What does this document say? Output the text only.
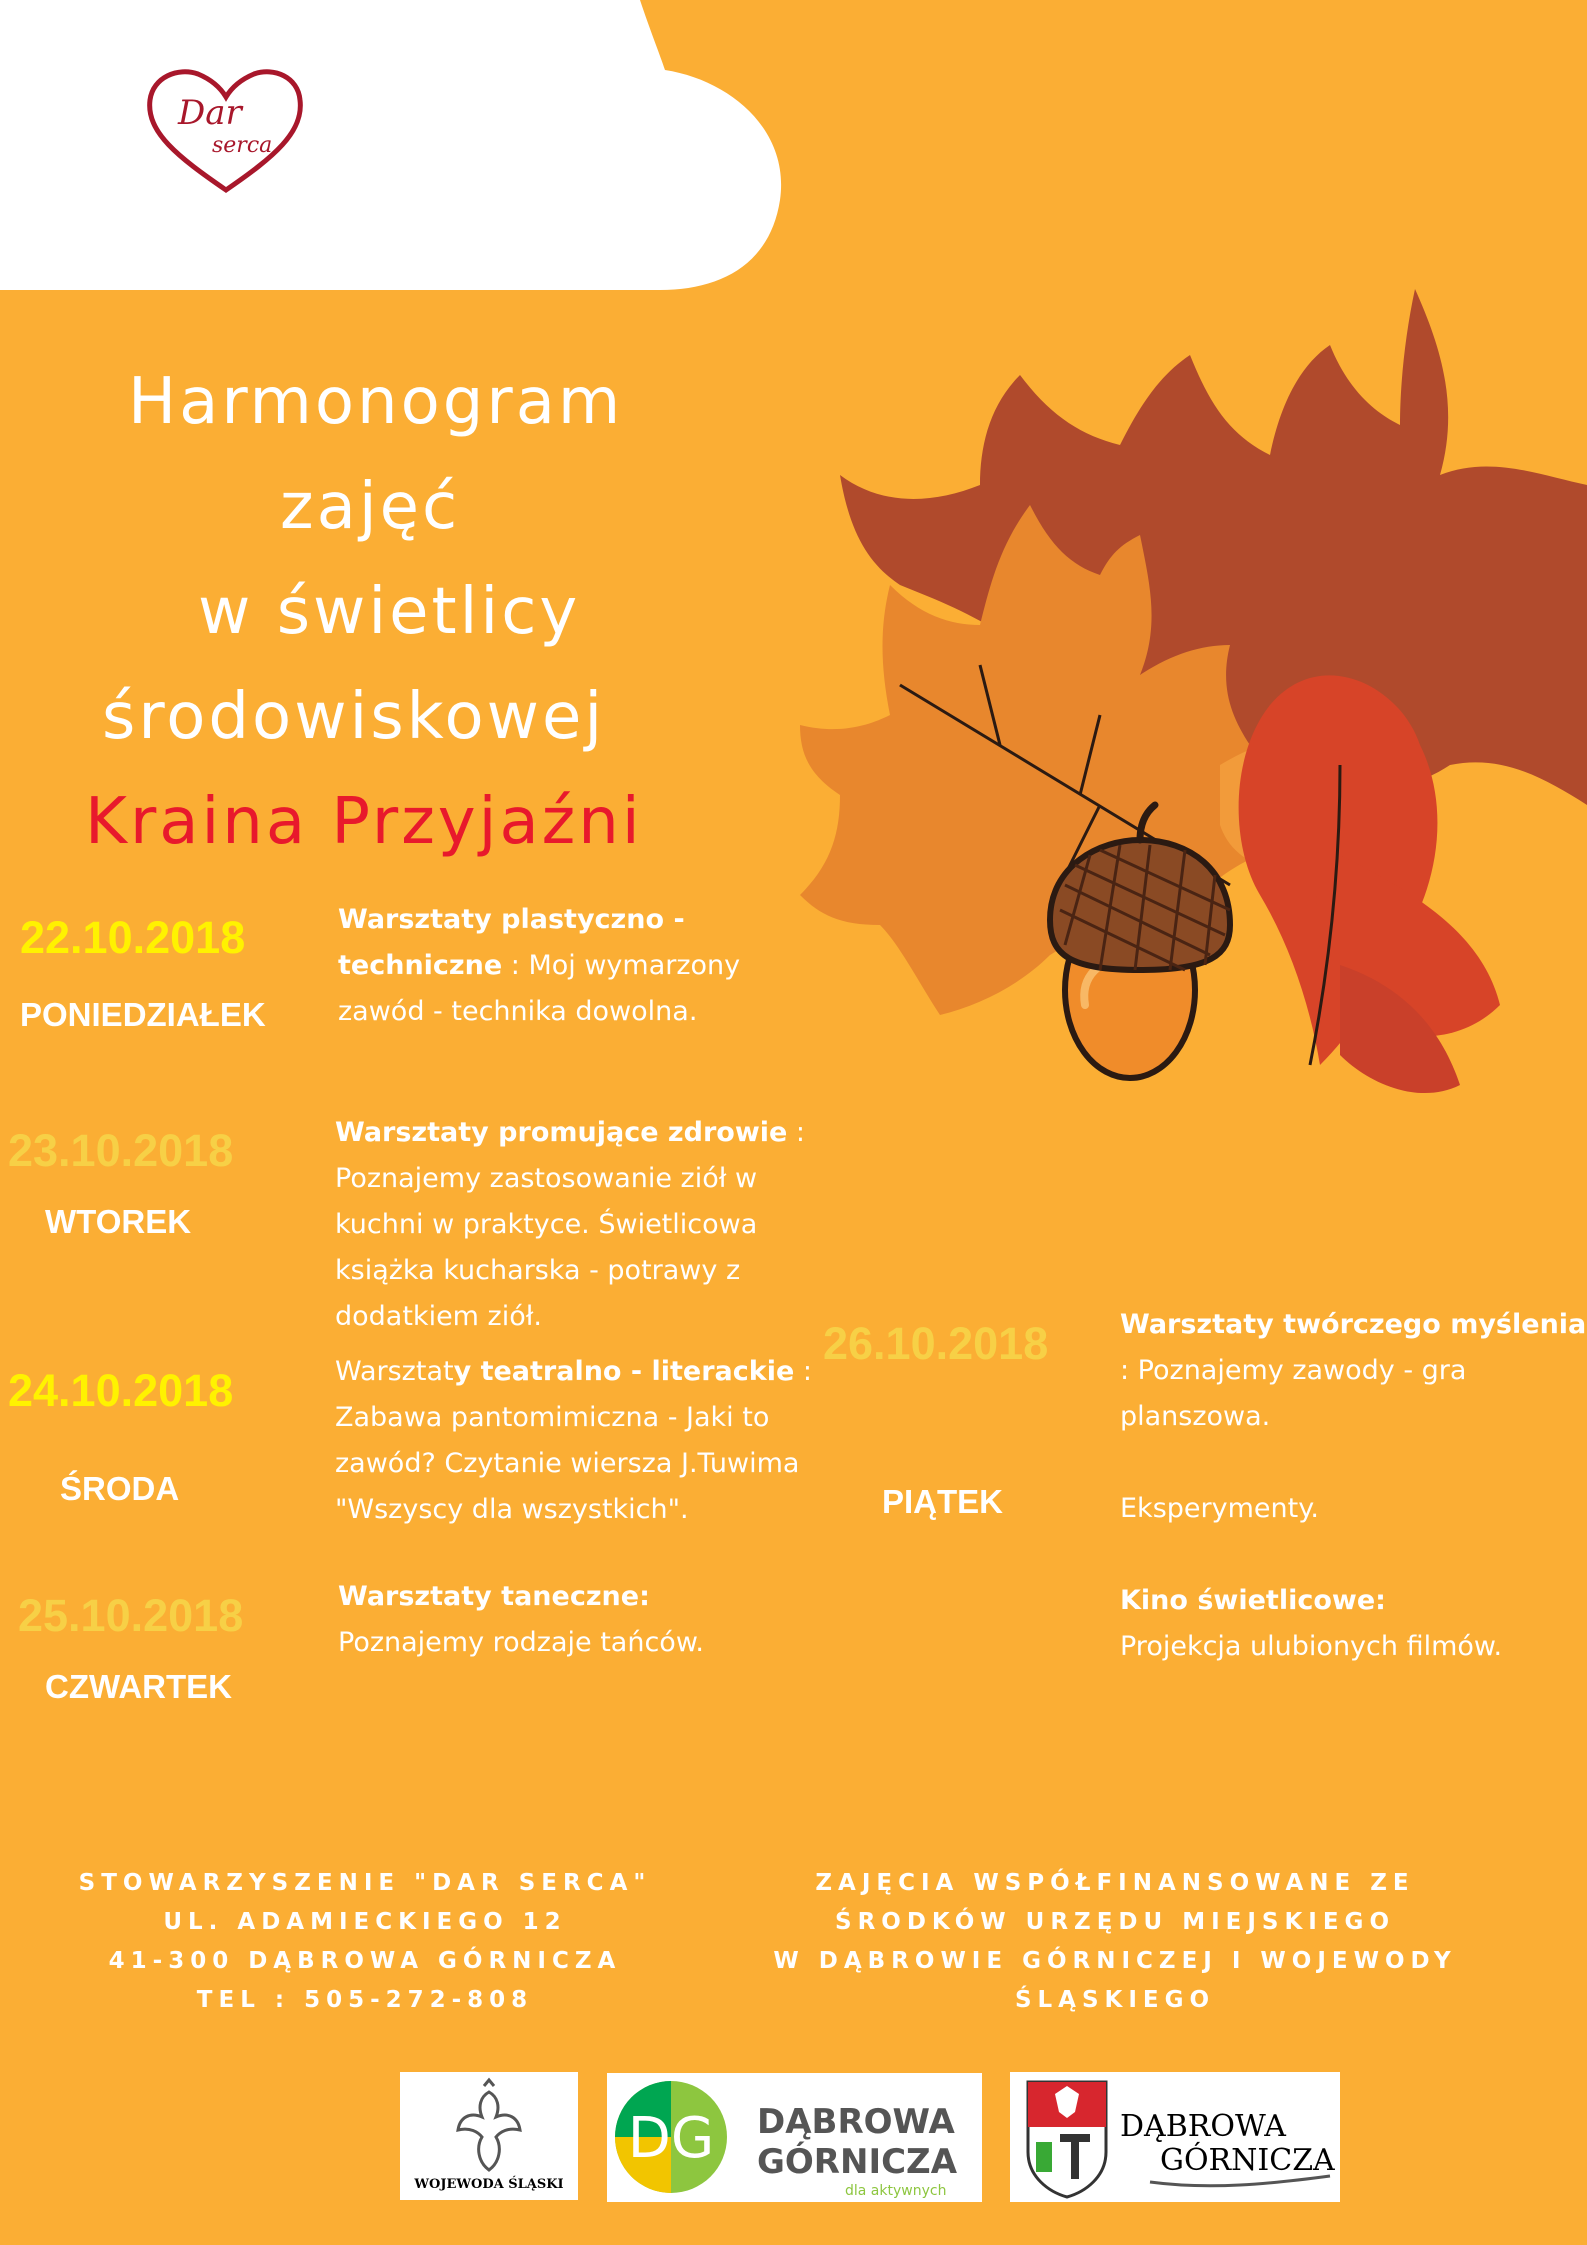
Dar
serca
Harmonogram
zajęć
w świetlicy
środowiskowej
Kraina Przyjaźni
22.10.2018
PONIEDZIAŁEK
Warsztaty plastyczno -
techniczne : Moj wymarzony
zawód - technika dowolna.
23.10.2018
WTOREK
Warsztaty promujące zdrowie :
Poznajemy zastosowanie ziół w
kuchni w praktyce. Świetlicowa
książka kucharska - potrawy z
dodatkiem ziół.
24.10.2018
ŚRODA
Warsztaty teatralno - literackie :
Zabawa pantomimiczna - Jaki to
zawód? Czytanie wiersza J.Tuwima
"Wszyscy dla wszystkich".
25.10.2018
CZWARTEK
Warsztaty taneczne:
Poznajemy rodzaje tańców.
26.10.2018
PIĄTEK
Warsztaty twórczego myślenia
: Poznajemy zawody - gra
planszowa.
Eksperymenty.
Kino świetlicowe:
Projekcja ulubionych filmów.
STOWARZYSZENIE "DAR SERCA"
UL. ADAMIECKIEGO 12
41-300 DĄBROWA GÓRNICZA
TEL : 505-272-808
ZAJĘCIA WSPÓŁFINANSOWANE ZE
ŚRODKÓW URZĘDU MIEJSKIEGO
W DĄBROWIE GÓRNICZEJ I WOJEWODY
ŚLĄSKIEGO
WOJEWODA ŚLĄSKI
DG DĄBROWA
GÓRNICZA
dla aktywnych
DĄBROWA
GÓRNICZA
